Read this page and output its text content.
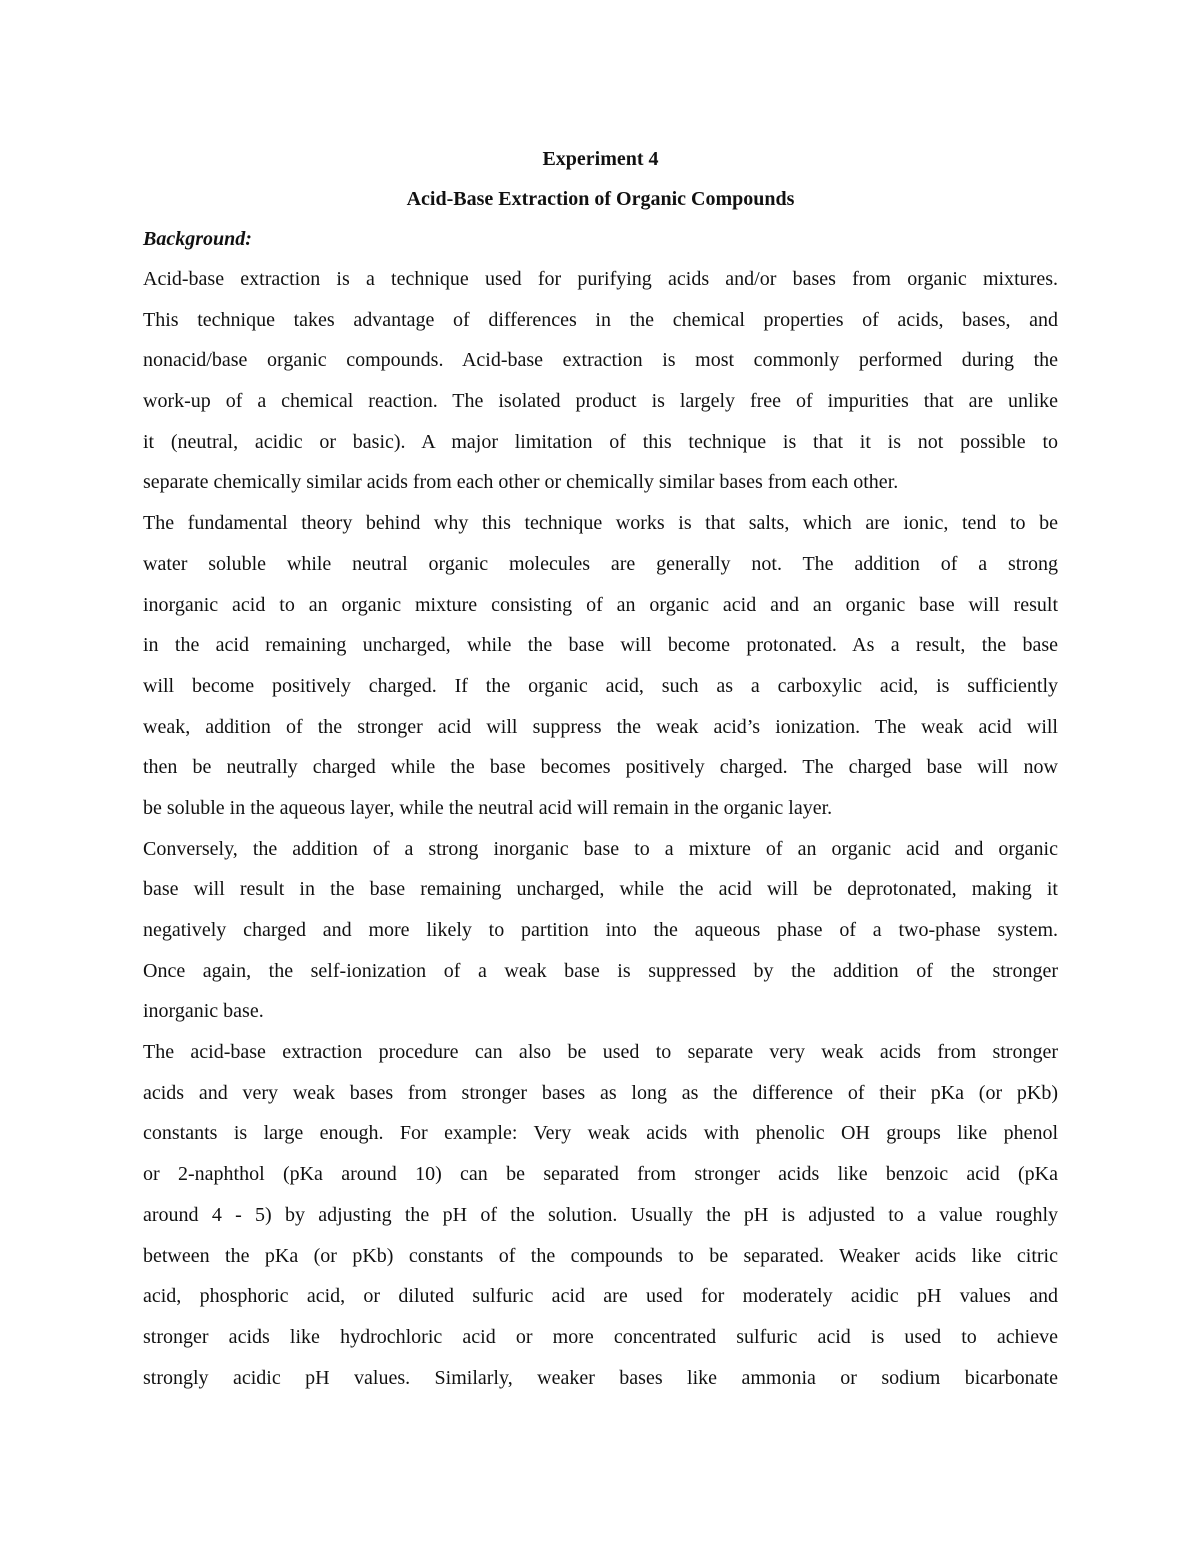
Experiment 4
Acid-Base Extraction of Organic Compounds
Background:
Acid-base extraction is a technique used for purifying acids and/or bases from organic mixtures.
This technique takes advantage of differences in the chemical properties of acids, bases, and
nonacid/base organic compounds. Acid-base extraction is most commonly performed during the
work-up of a chemical reaction. The isolated product is largely free of impurities that are unlike
it (neutral, acidic or basic). A major limitation of this technique is that it is not possible to
separate chemically similar acids from each other or chemically similar bases from each other.
The fundamental theory behind why this technique works is that salts, which are ionic, tend to be
water soluble while neutral organic molecules are generally not. The addition of a strong
inorganic acid to an organic mixture consisting of an organic acid and an organic base will result
in the acid remaining uncharged, while the base will become protonated. As a result, the base
will become positively charged. If the organic acid, such as a carboxylic acid, is sufficiently
weak, addition of the stronger acid will suppress the weak acid’s ionization. The weak acid will
then be neutrally charged while the base becomes positively charged. The charged base will now
be soluble in the aqueous layer, while the neutral acid will remain in the organic layer.
Conversely, the addition of a strong inorganic base to a mixture of an organic acid and organic
base will result in the base remaining uncharged, while the acid will be deprotonated, making it
negatively charged and more likely to partition into the aqueous phase of a two-phase system.
Once again, the self-ionization of a weak base is suppressed by the addition of the stronger
inorganic base.
The acid-base extraction procedure can also be used to separate very weak acids from stronger
acids and very weak bases from stronger bases as long as the difference of their pKa (or pKb)
constants is large enough. For example: Very weak acids with phenolic OH groups like phenol
or 2-naphthol (pKa around 10) can be separated from stronger acids like benzoic acid (pKa
around 4 - 5) by adjusting the pH of the solution. Usually the pH is adjusted to a value roughly
between the pKa (or pKb) constants of the compounds to be separated. Weaker acids like citric
acid, phosphoric acid, or diluted sulfuric acid are used for moderately acidic pH values and
stronger acids like hydrochloric acid or more concentrated sulfuric acid is used to achieve
strongly acidic pH values. Similarly, weaker bases like ammonia or sodium bicarbonate
